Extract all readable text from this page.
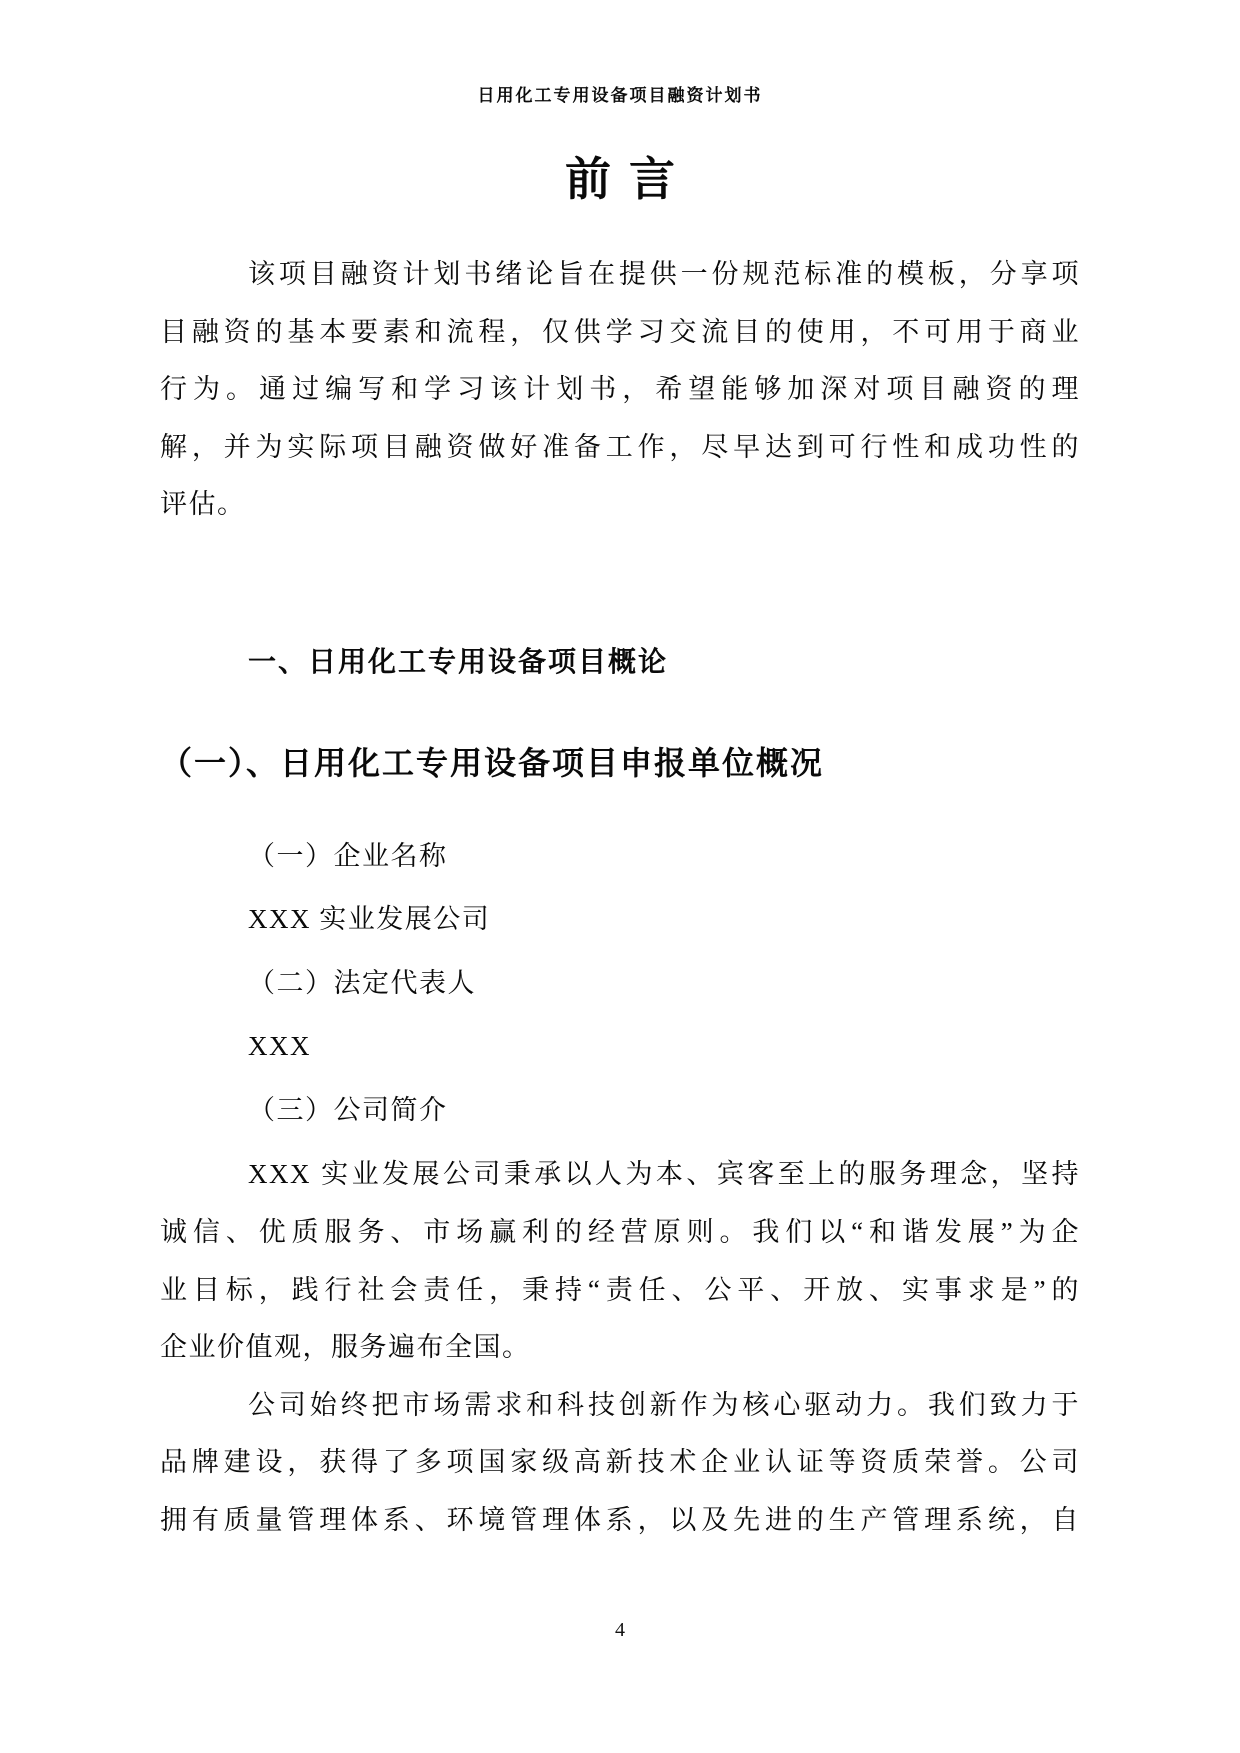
日用化工专用设备项目融资计划书
前言
该项目融资计划书绪论旨在提供一份规范标准的模板，分享项
目融资的基本要素和流程，仅供学习交流目的使用，不可用于商业
行为。通过编写和学习该计划书，希望能够加深对项目融资的理
解，并为实际项目融资做好准备工作，尽早达到可行性和成功性的
评估。
一、日用化工专用设备项目概论
（一）、日用化工专用设备项目申报单位概况
（一）企业名称
XXX 实业发展公司
（二）法定代表人
XXX
（三）公司简介
XXX 实业发展公司秉承以人为本、宾客至上的服务理念，坚持
诚信、优质服务、市场赢利的经营原则。我们以“和谐发展”为企
业目标，践行社会责任，秉持“责任、公平、开放、实事求是”的
企业价值观，服务遍布全国。
公司始终把市场需求和科技创新作为核心驱动力。我们致力于
品牌建设，获得了多项国家级高新技术企业认证等资质荣誉。公司
拥有质量管理体系、环境管理体系，以及先进的生产管理系统，自
4
